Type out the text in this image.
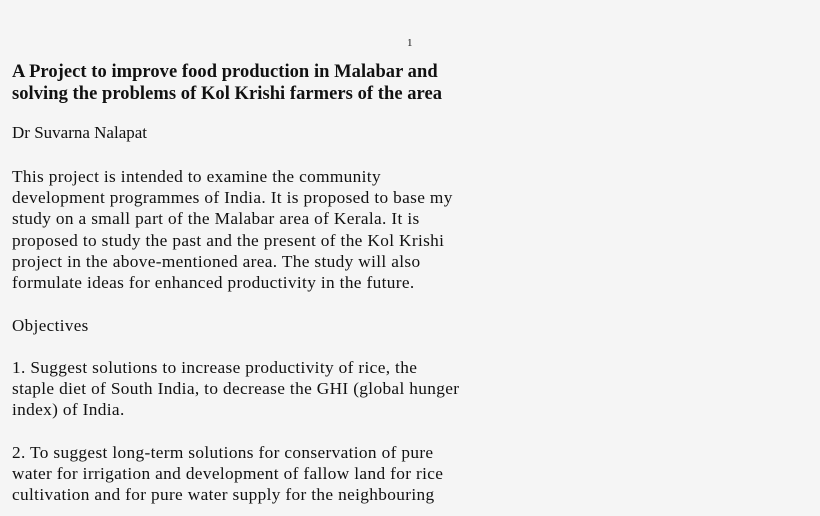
1
A Project to improve food production in Malabar and
solving the problems of Kol Krishi farmers of the area

Dr Suvarna Nalapat

This project is intended to examine the community
development programmes of India. It is proposed to base my
study on a small part of the Malabar area of Kerala. It is
proposed to study the past and the present of the Kol Krishi
project in the above-mentioned area. The study will also
formulate ideas for enhanced productivity in the future.

Objectives

1. Suggest solutions to increase productivity of rice, the
staple diet of South India, to decrease the GHI (global hunger
index) of India.

2. To suggest long-term solutions for conservation of pure
water for irrigation and development of fallow land for rice
cultivation and for pure water supply for the neighbouring
